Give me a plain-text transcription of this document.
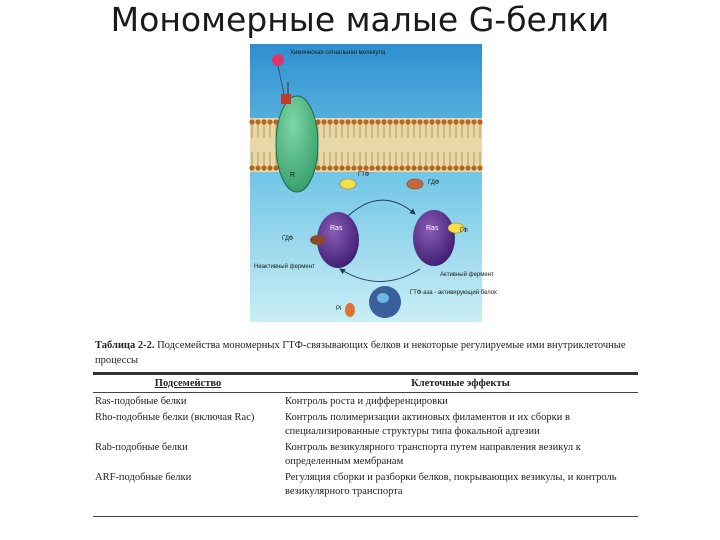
Мономерные малые G-белки
Химическая сигнальная молекула
R	ГТФ
ГДФ
Ras
ГДФ
Неактивный фермент
Ras	ГФ
Активный фермент
ГТФ-аза - активирующий белок
Pi
Таблица 2-2. Подсемейства мономерных ГТФ-связывающих белков и некоторые регулируемые ими внутриклеточные процессы
Подсемейство	Клеточные эффекты
Ras-подобные белки	Контроль роста и дифференцировки
Rho-подобные белки (включая Rac)	Контроль полимеризации актиновых филаментов и их сборки в специализированные структуры типа фокальной адгезии
Rab-подобные белки	Контроль везикулярного транспорта путем направления везикул к определенным мембранам
ARF-подобные белки	Регуляция сборки и разборки белков, покрывающих везикулы, и контроль везикулярного транспорта
